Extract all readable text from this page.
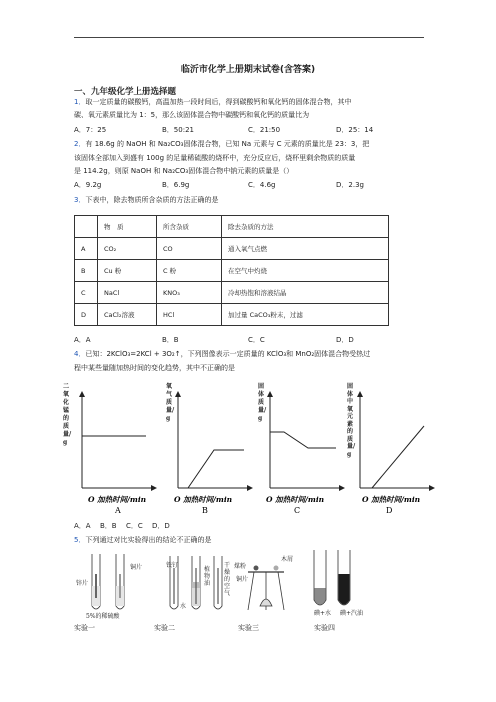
临沂市化学上册期末试卷(含答案)
一、九年级化学上册选择题
1．取一定质量的碳酸钙，高温加热一段时间后，得到碳酸钙和氧化钙的固体混合物，其中
碳、氧元素质量比为 1：5，那么该固体混合物中碳酸钙和氧化钙的质量比为
A．7：25	B．50:21	C．21:50	D．25：14
2．有 18.6g 的 NaOH 和 Na₂CO₃固体混合物，已知 Na 元素与 C 元素的质量比是 23：3，把
该固体全部加入到盛有 100g 的足量稀硫酸的烧杯中，充分反应后，烧杯里剩余物质的质量
是 114.2g，则原 NaOH 和 Na₂CO₃固体混合物中钠元素的质量是（）
A．9.2g	B．6.9g	C．4.6g	D．2.3g
3．下表中，除去物质所含杂质的方法正确的是
	物　质	所含杂质	除去杂质的方法
A	CO₂	CO	通入氧气点燃
B	Cu 粉	C 粉	在空气中灼烧
C	NaCl	KNO₃	冷却热饱和溶液结晶
D	CaCl₂溶液	HCl	加过量 CaCO₃粉末，过滤
A．A	B．B	C．C	D．D
4．已知：2KClO₃=2KCl + 3O₂↑，下列图像表示一定质量的 KClO₃和 MnO₂固体混合物受热过
程中某些量随加热时间的变化趋势，其中不正确的是
O 加热时间/min
A
O 加热时间/min
B
O 加热时间/min
C
O 加热时间/min
D
二氧化锰的质量/g
氧气质量/g
固体质量/g
固体中氧元素的质量/g
A．A B．B C．C D．D
5．下列通过对比实验得出的结论不正确的是
锌片
铜片
5%的稀硫酸
铁钉
植物油
水
干燥的空气
煤粉
木屑
铜片
碘+水 碘+汽油
实验一	实验二	实验三	实验四
